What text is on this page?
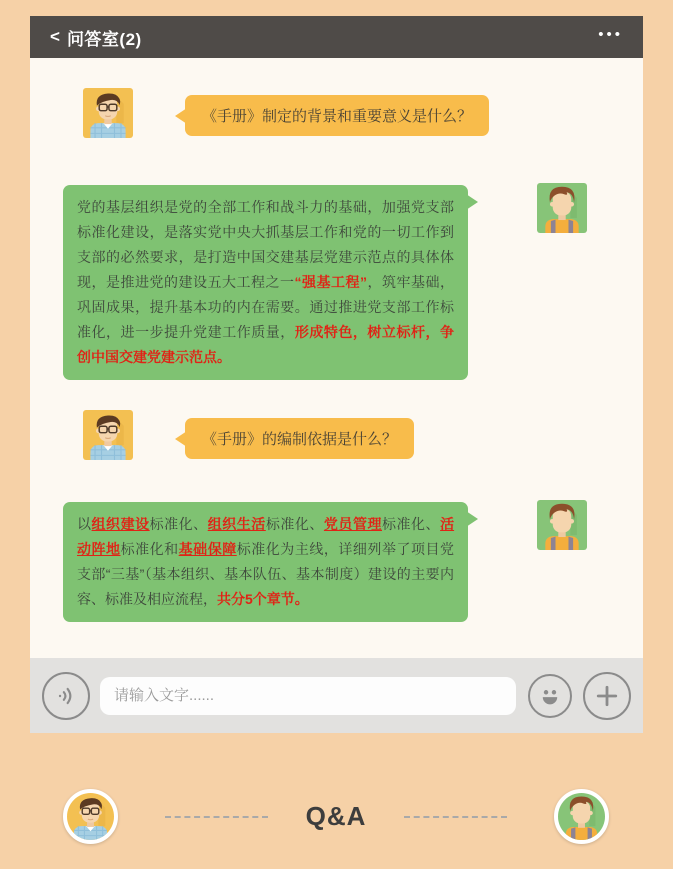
< 问答室(2)	•••
《手册》制定的背景和重要意义是什么？
党的基层组织是党的全部工作和战斗力的基础，加强党支部标准化建设，是落实党中央大抓基层工作和党的一切工作到支部的必然要求，是打造中国交建基层党建示范点的具体体现，是推进党的建设五大工程之一“强基工程”，筑牢基础，巩固成果，提升基本功的内在需要。通过推进党支部工作标准化，进一步提升党建工作质量，形成特色，树立标杆，争创中国交建党建示范点。
《手册》的编制依据是什么？
以组织建设标准化、组织生活标准化、党员管理标准化、活动阵地标准化和基础保障标准化为主线，详细列举了项目党支部“三基”（基本组织、基本队伍、基本制度）建设的主要内容、标准及相应流程，共分5个章节。
请输入文字......
Q&A
